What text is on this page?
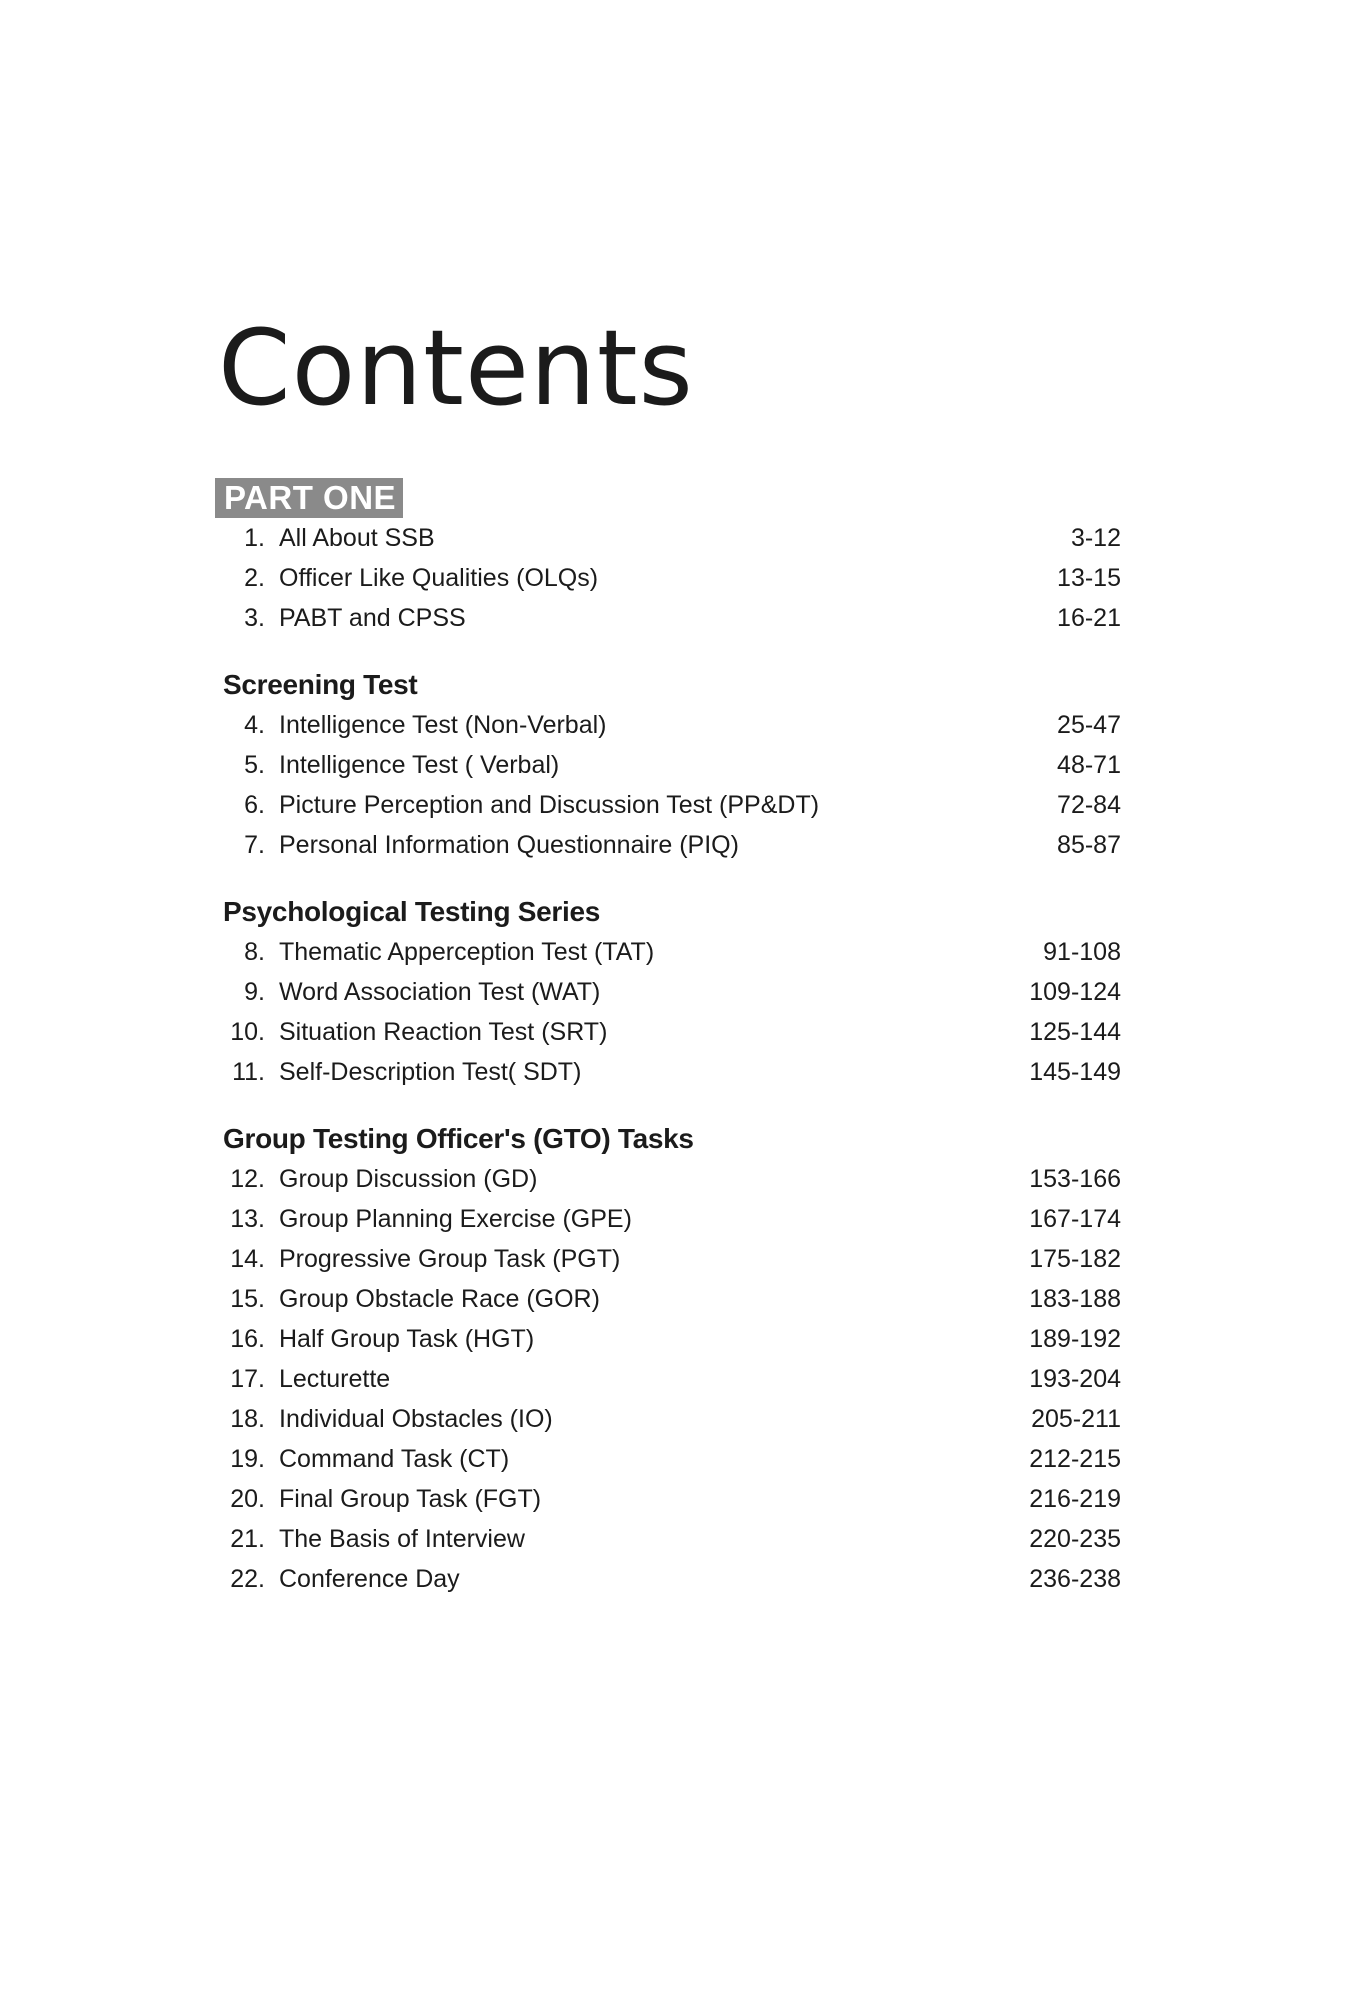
Contents
PART ONE
1. All About SSB	3-12
2. Officer Like Qualities (OLQs)	13-15
3. PABT and CPSS	16-21
Screening Test
4. Intelligence Test (Non-Verbal)	25-47
5. Intelligence Test ( Verbal)	48-71
6. Picture Perception and Discussion Test (PP&DT)	72-84
7. Personal Information Questionnaire (PIQ)	85-87
Psychological Testing Series
8. Thematic Apperception Test (TAT)	91-108
9. Word Association Test (WAT)	109-124
10. Situation Reaction Test (SRT)	125-144
11. Self-Description Test( SDT)	145-149
Group Testing Officer's (GTO) Tasks
12. Group Discussion (GD)	153-166
13. Group Planning Exercise (GPE)	167-174
14. Progressive Group Task (PGT)	175-182
15. Group Obstacle Race (GOR)	183-188
16. Half Group Task (HGT)	189-192
17. Lecturette	193-204
18. Individual Obstacles (IO)	205-211
19. Command Task (CT)	212-215
20. Final Group Task (FGT)	216-219
21. The Basis of Interview	220-235
22. Conference Day	236-238
